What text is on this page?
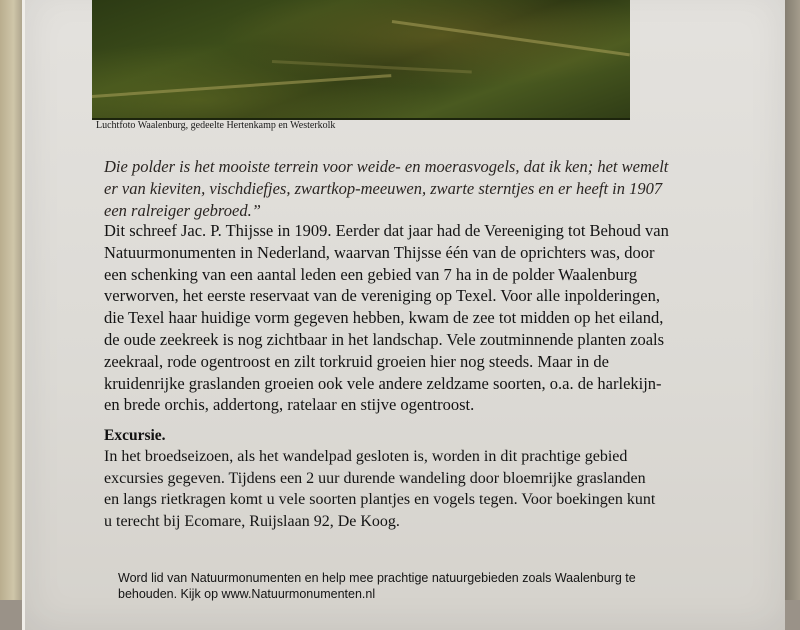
Luchtfoto Waalenburg, gedeelte Hertenkamp en Westerkolk
Die polder is het mooiste terrein voor weide- en moerasvogels, dat ik ken; het wemelt
er van kieviten, vischdiefjes, zwartkop-meeuwen, zwarte sterntjes en er heeft in 1907
een ralreiger gebroed.”
Dit schreef Jac. P. Thijsse in 1909. Eerder dat jaar had de Vereeniging tot Behoud van
Natuurmonumenten in Nederland, waarvan Thijsse één van de oprichters was, door
een schenking van een aantal leden een gebied van 7 ha in de polder Waalenburg
verworven, het eerste reservaat van de vereniging op Texel. Voor alle inpolderingen,
die Texel haar huidige vorm gegeven hebben, kwam de zee tot midden op het eiland,
de oude zeekreek is nog zichtbaar in het landschap. Vele zoutminnende planten zoals
zeekraal, rode ogentroost en zilt torkruid groeien hier nog steeds. Maar in de
kruidenrijke graslanden groeien ook vele andere zeldzame soorten, o.a. de harlekijn-
en brede orchis, addertong, ratelaar en stijve ogentroost.
Excursie.
In het broedseizoen, als het wandelpad gesloten is, worden in dit prachtige gebied
excursies gegeven. Tijdens een 2 uur durende wandeling door bloemrijke graslanden
en langs rietkragen komt u vele soorten plantjes en vogels tegen. Voor boekingen kunt
u terecht bij Ecomare, Ruijslaan 92, De Koog.
Word lid van Natuurmonumenten en help mee prachtige natuurgebieden zoals Waalenburg te
behouden. Kijk op www.Natuurmonumenten.nl
